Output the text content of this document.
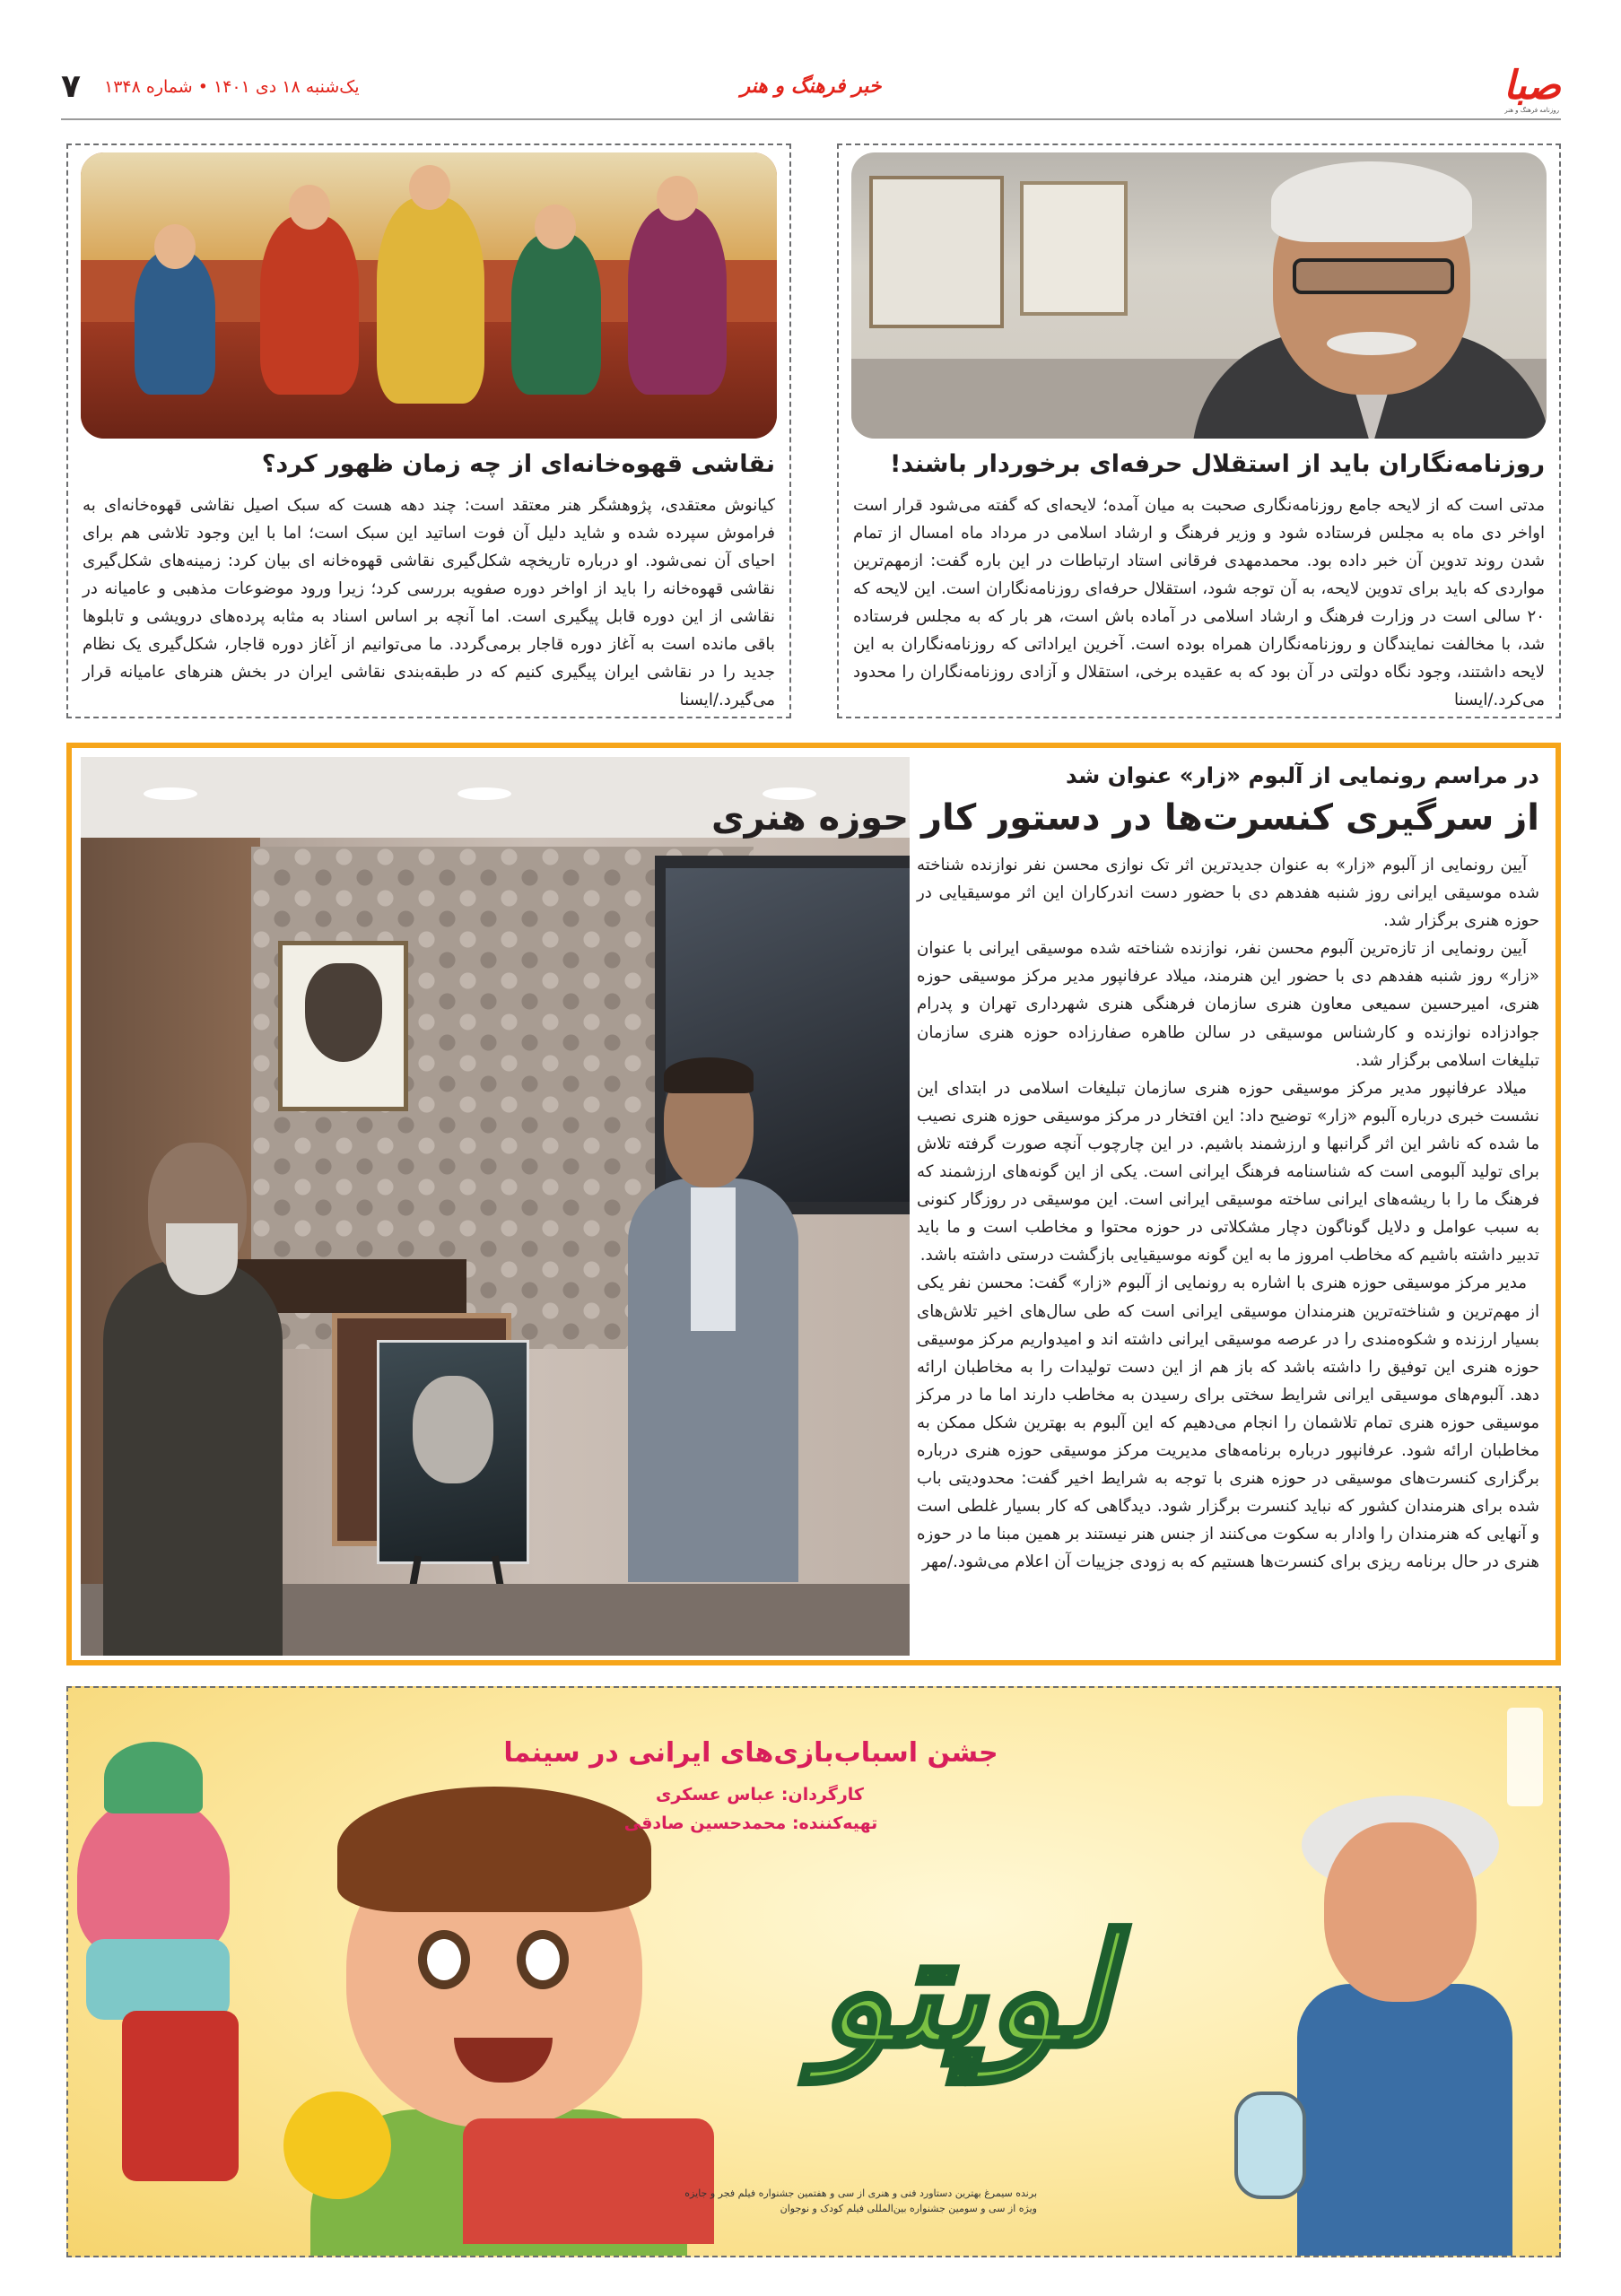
صبا
روزنامه فرهنگ و هنر
خبر فرهنگ و هنر
یک‌شنبه ۱۸ دی ۱۴۰۱ • شماره ۱۳۴۸
۷
روزنامه‌نگاران باید از استقلال حرفه‌ای برخوردار باشند!
مدتی است که از لایحه جامع روزنامه‌نگاری صحبت به میان آمده؛ لایحه‌ای که گفته می‌شود قرار است اواخر دی ماه به مجلس فرستاده شود و وزیر فرهنگ و ارشاد اسلامی در مرداد ماه امسال از تمام شدن روند تدوین آن خبر داده بود. محمدمهدی فرقانی استاد ارتباطات در این باره گفت: ازمهم‌ترین مواردی که باید برای تدوین لایحه، به آن توجه شود، استقلال حرفه‌ای روزنامه‌نگاران است. این لایحه که ۲۰ سالی است در وزارت فرهنگ و ارشاد اسلامی در آماده باش است، هر بار که به مجلس فرستاده شد، با مخالفت نمایندگان و روزنامه‌نگاران همراه بوده است. آخرین ایراداتی که روزنامه‌نگاران به این لایحه داشتند، وجود نگاه دولتی در آن بود که به عقیده برخی، استقلال و آزادی روزنامه‌نگاران را محدود می‌کرد./ایسنا
نقاشی قهوه‌خانه‌ای از چه زمان ظهور کرد؟
کیانوش معتقدی، پژوهشگر هنر معتقد است: چند دهه هست که سبک اصیل نقاشی قهوه‌خانه‌ای به فراموش سپرده شده و شاید دلیل آن فوت اساتید این سبک است؛ اما با این وجود تلاشی هم برای احیای آن نمی‌شود. او درباره تاریخچه شکل‌گیری نقاشی قهوه‌خانه ای بیان کرد: زمینه‌های شکل‌گیری نقاشی قهوه‌خانه را باید از اواخر دوره صفویه بررسی کرد؛ زیرا ورود موضوعات مذهبی و عامیانه در نقاشی از این دوره قابل پیگیری است. اما آنچه بر اساس اسناد به مثابه پرده‌های درویشی و تابلوها باقی مانده است به آغاز دوره قاجار برمی‌گردد. ما می‌توانیم از آغاز دوره قاجار، شکل‌گیری یک نظام جدید را در نقاشی ایران پیگیری کنیم که در طبقه‌بندی نقاشی ایران در بخش هنرهای عامیانه قرار می‌گیرد./ایسنا
در مراسم رونمایی از آلبوم «زار» عنوان شد
از سرگیری کنسرت‌ها در دستور کار حوزه هنری

آیین رونمایی از آلبوم «زار» به عنوان جدیدترین اثر تک نوازی محسن نفر نوازنده شناخته شده موسیقی ایرانی روز شنبه هفدهم دی با حضور دست اندرکاران این اثر موسیقیایی در حوزه هنری برگزار شد.

آیین رونمایی از تازه‌ترین آلبوم محسن نفر، نوازنده شناخته شده موسیقی ایرانی با عنوان «زار» روز شنبه هفدهم دی با حضور این هنرمند، میلاد عرفانپور مدیر مرکز موسیقی حوزه هنری، امیرحسین سمیعی معاون هنری سازمان فرهنگی هنری شهرداری تهران و پدرام جوادزاده نوازنده و کارشناس موسیقی در سالن طاهره صفارزاده حوزه هنری سازمان تبلیغات اسلامی برگزار شد.

میلاد عرفانپور مدیر مرکز موسیقی حوزه هنری سازمان تبلیغات اسلامی در ابتدای این نشست خبری درباره آلبوم «زار» توضیح داد: این افتخار در مرکز موسیقی حوزه هنری نصیب ما شده که ناشر این اثر گرانبها و ارزشمند باشیم. در این چارچوب آنچه صورت گرفته تلاش برای تولید آلبومی است که شناسنامه فرهنگ ایرانی است. یکی از این گونه‌های ارزشمند که فرهنگ ما را با ریشه‌های ایرانی ساخته موسیقی ایرانی است. این موسیقی در روزگار کنونی به سبب عوامل و دلایل گوناگون دچار مشکلاتی در حوزه محتوا و مخاطب است و ما باید تدبیر داشته باشیم که مخاطب امروز ما به این گونه موسیقیایی بازگشت درستی داشته باشد.

مدیر مرکز موسیقی حوزه هنری با اشاره به رونمایی از آلبوم «زار» گفت: محسن نفر یکی از مهم‌ترین و شناخته‌ترین هنرمندان موسیقی ایرانی است که طی سال‌های اخیر تلاش‌های بسیار ارزنده و شکوه‌مندی را در عرصه موسیقی ایرانی داشته اند و امیدواریم مرکز موسیقی حوزه هنری این توفیق را داشته باشد که باز هم از این دست تولیدات را به مخاطبان ارائه دهد. آلبوم‌های موسیقی ایرانی شرایط سختی برای رسیدن به مخاطب دارند اما ما در مرکز موسیقی حوزه هنری تمام تلاشمان را انجام می‌دهیم که این آلبوم به بهترین شکل ممکن به مخاطبان ارائه شود. عرفانپور درباره برنامه‌های مدیریت مرکز موسیقی حوزه هنری درباره برگزاری کنسرت‌های موسیقی در حوزه هنری با توجه به شرایط اخیر گفت: محدودیتی باب شده برای هنرمندان کشور که نباید کنسرت برگزار شود. دیدگاهی که کار بسیار غلطی است و آنهایی که هنرمندان را وادار به سکوت می‌کنند از جنس هنر نیستند بر همین مبنا ما در حوزه هنری در حال برنامه ریزی برای کنسرت‌ها هستیم که به زودی جزییات آن اعلام می‌شود./مهر

جشن اسباب‌بازی‌های ایرانی در سینما
کارگردان: عباس عسکری
تهیه‌کننده: محمدحسین صادقی
لوپتو
برنده سیمرغ بهترین دستاورد فنی و هنری از سی و هفتمین جشنواره فیلم فجر و جایزه ویژه از سی و سومین جشنواره بین‌المللی فیلم کودک و نوجوان
